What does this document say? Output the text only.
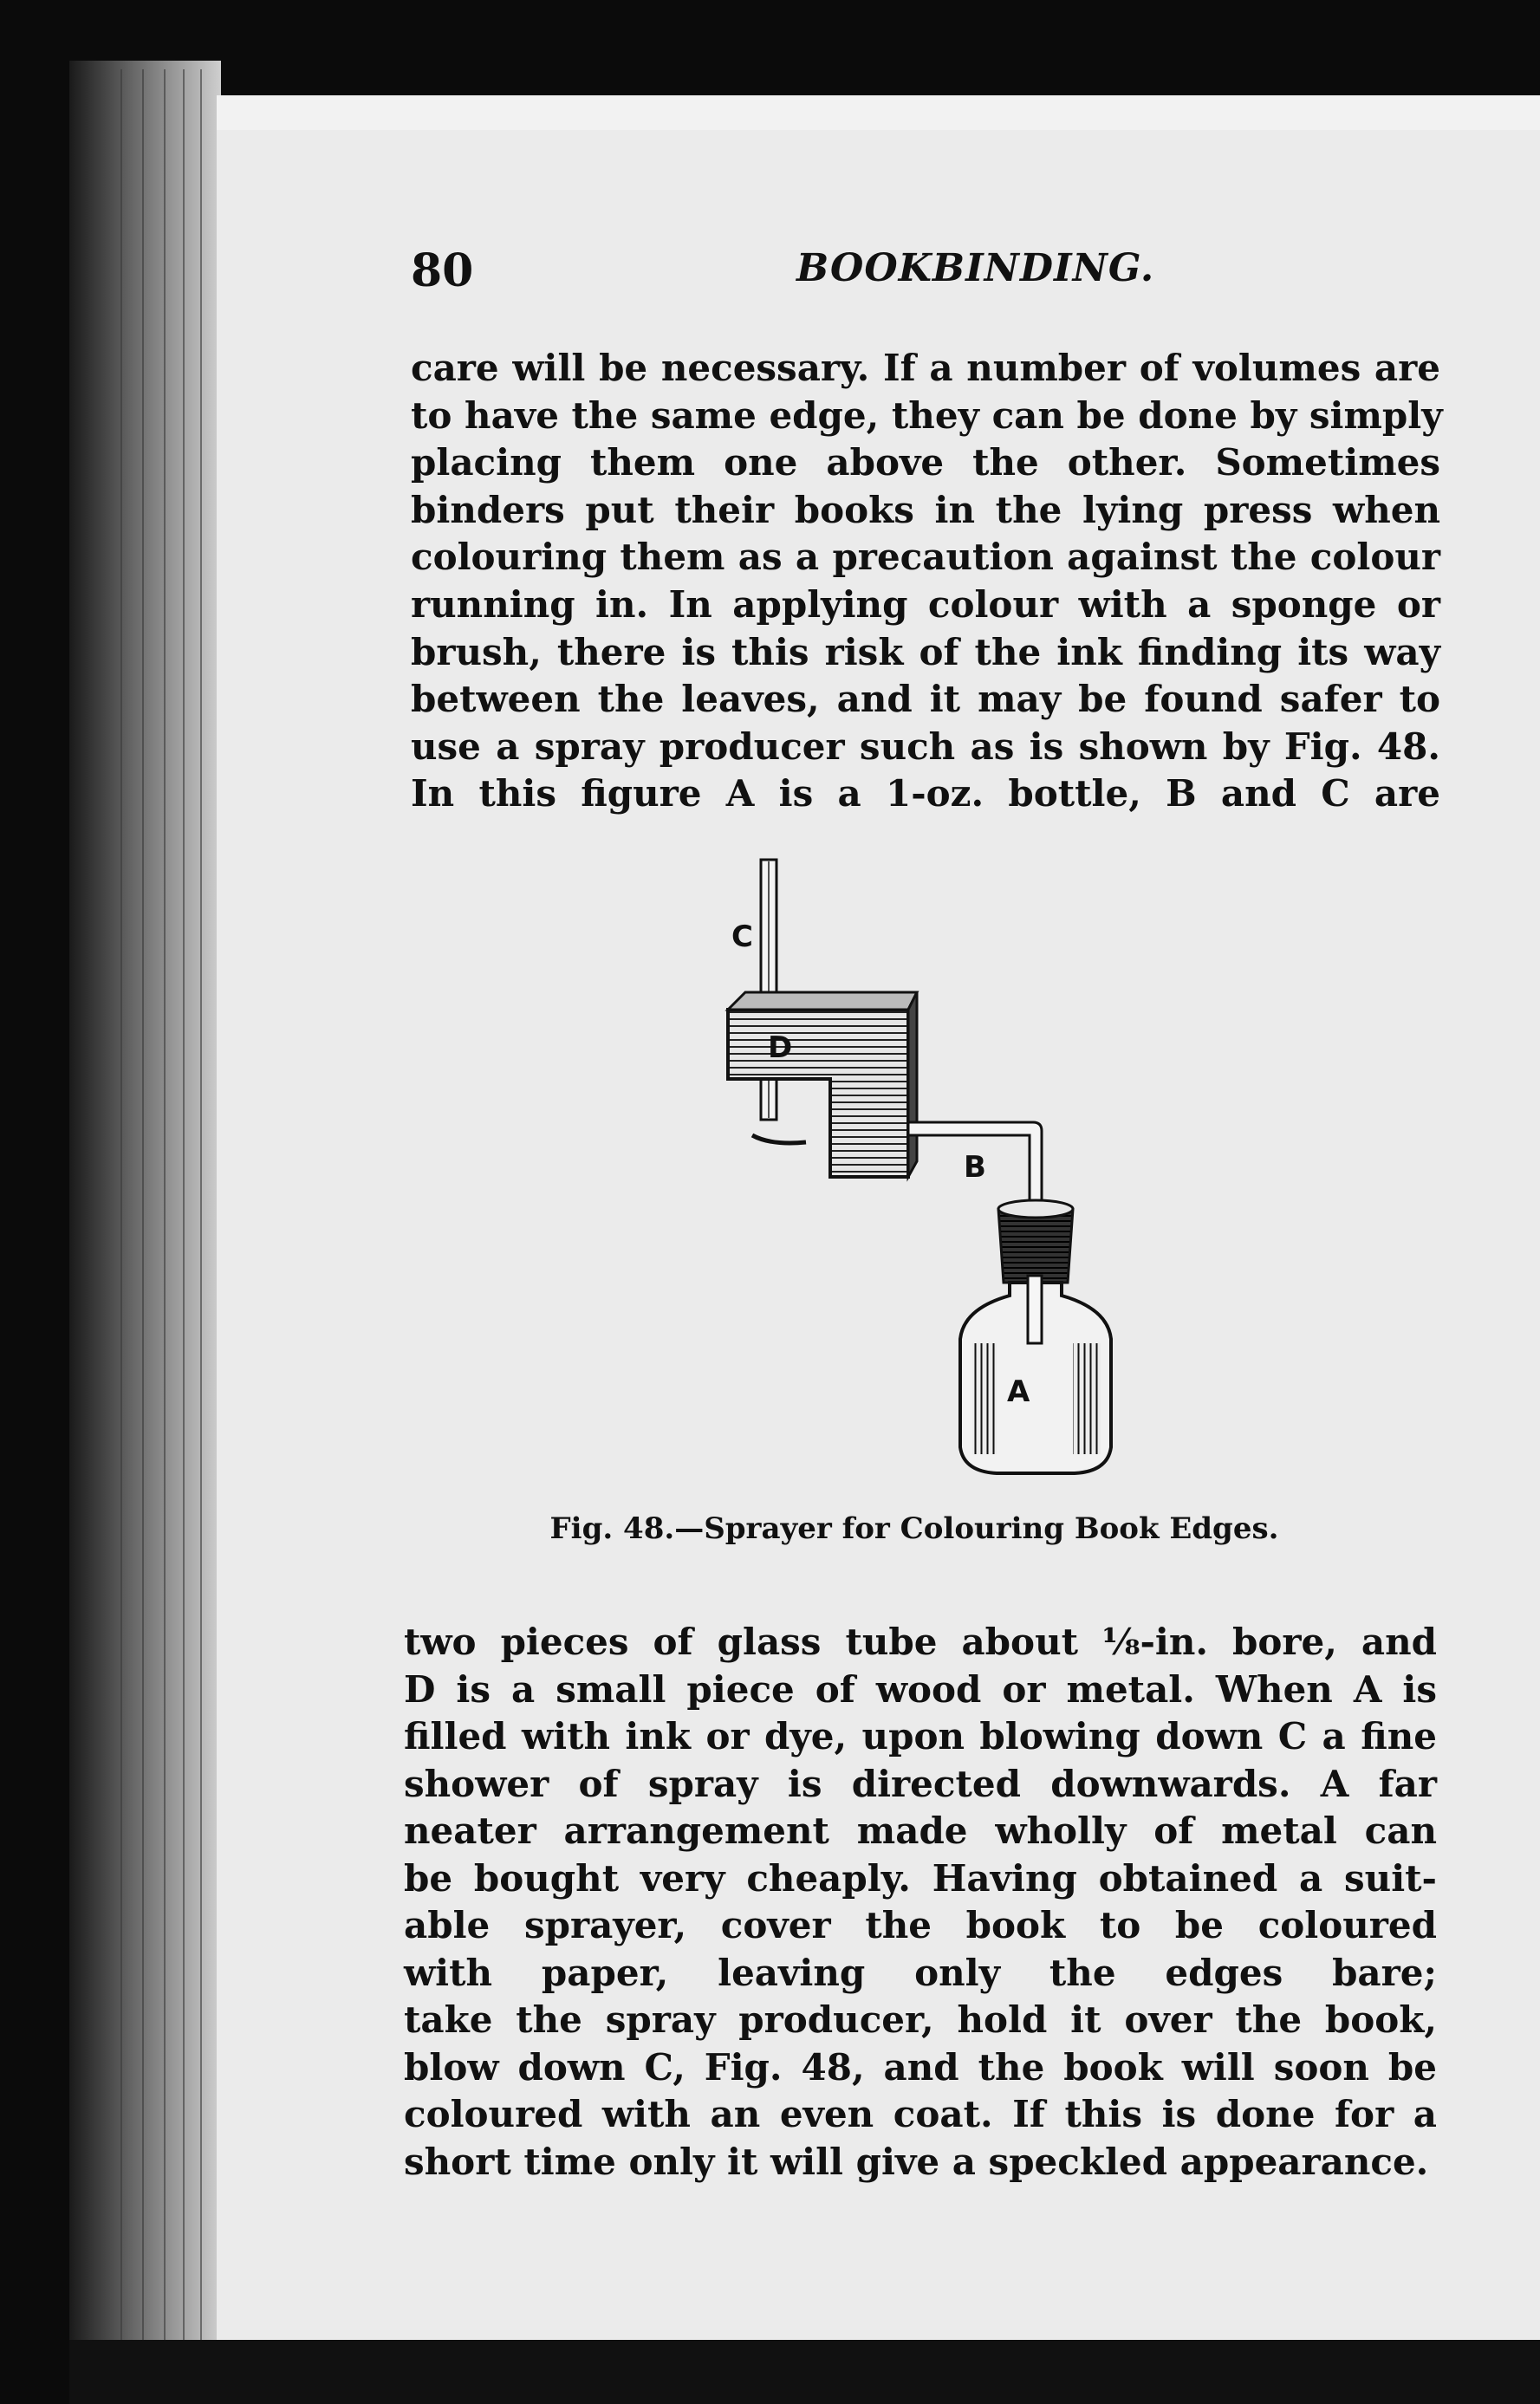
80	BOOKBINDING.
care will be necessary. If a number of volumes are
to have the same edge, they can be done by simply
placing them one above the other. Sometimes
binders put their books in the lying press when
colouring them as a precaution against the colour
running in. In applying colour with a sponge or
brush, there is this risk of the ink finding its way
between the leaves, and it may be found safer to
use a spray producer such as is shown by Fig. 48.
In this figure A is a 1-oz. bottle, B and C are
C
D
B
A
Fig. 48.—Sprayer for Colouring Book Edges.
two pieces of glass tube about ⅛-in. bore, and
D is a small piece of wood or metal. When A is
filled with ink or dye, upon blowing down C a fine
shower of spray is directed downwards. A far
neater arrangement made wholly of metal can
be bought very cheaply. Having obtained a suit-
able sprayer, cover the book to be coloured
with paper, leaving only the edges bare;
take the spray producer, hold it over the book,
blow down C, Fig. 48, and the book will soon be
coloured with an even coat. If this is done for a
short time only it will give a speckled appearance.
